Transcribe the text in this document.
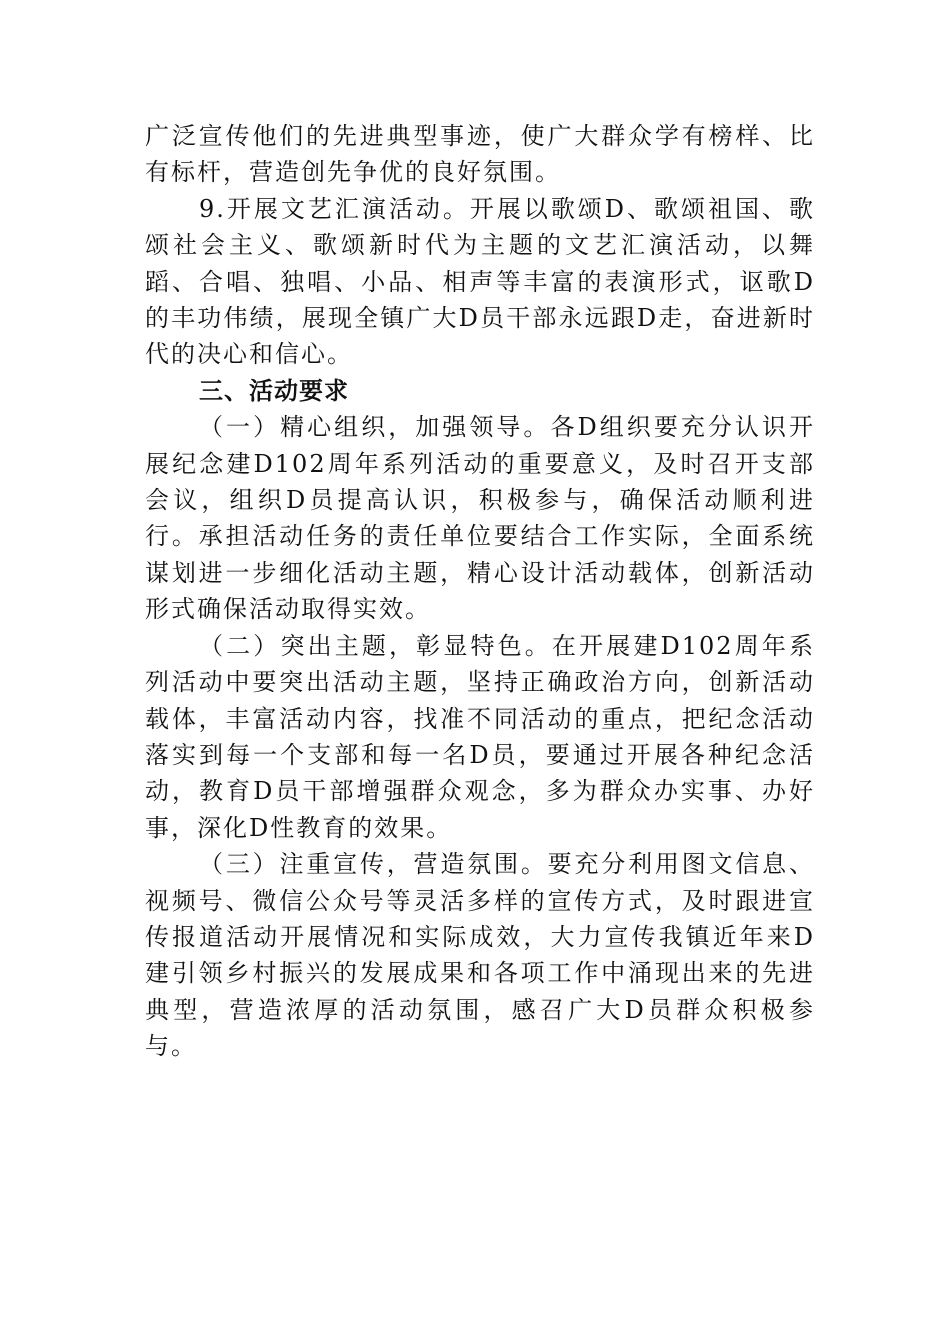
广泛宣传他们的先进典型事迹，使广大群众学有榜样、比有标杆，营造创先争优的良好氛围。

9.开展文艺汇演活动。开展以歌颂D、歌颂祖国、歌颂社会主义、歌颂新时代为主题的文艺汇演活动，以舞蹈、合唱、独唱、小品、相声等丰富的表演形式，讴歌D的丰功伟绩，展现全镇广大D员干部永远跟D走，奋进新时代的决心和信心。

三、活动要求

（一）精心组织，加强领导。各D组织要充分认识开展纪念建D102周年系列活动的重要意义，及时召开支部会议，组织D员提高认识，积极参与，确保活动顺利进行。承担活动任务的责任单位要结合工作实际，全面系统谋划进一步细化活动主题，精心设计活动载体，创新活动形式确保活动取得实效。

（二）突出主题，彰显特色。在开展建D102周年系列活动中要突出活动主题，坚持正确政治方向，创新活动载体，丰富活动内容，找准不同活动的重点，把纪念活动落实到每一个支部和每一名D员，要通过开展各种纪念活动，教育D员干部增强群众观念，多为群众办实事、办好事，深化D性教育的效果。

（三）注重宣传，营造氛围。要充分利用图文信息、视频号、微信公众号等灵活多样的宣传方式，及时跟进宣传报道活动开展情况和实际成效，大力宣传我镇近年来D建引领乡村振兴的发展成果和各项工作中涌现出来的先进典型，营造浓厚的活动氛围，感召广大D员群众积极参与。
